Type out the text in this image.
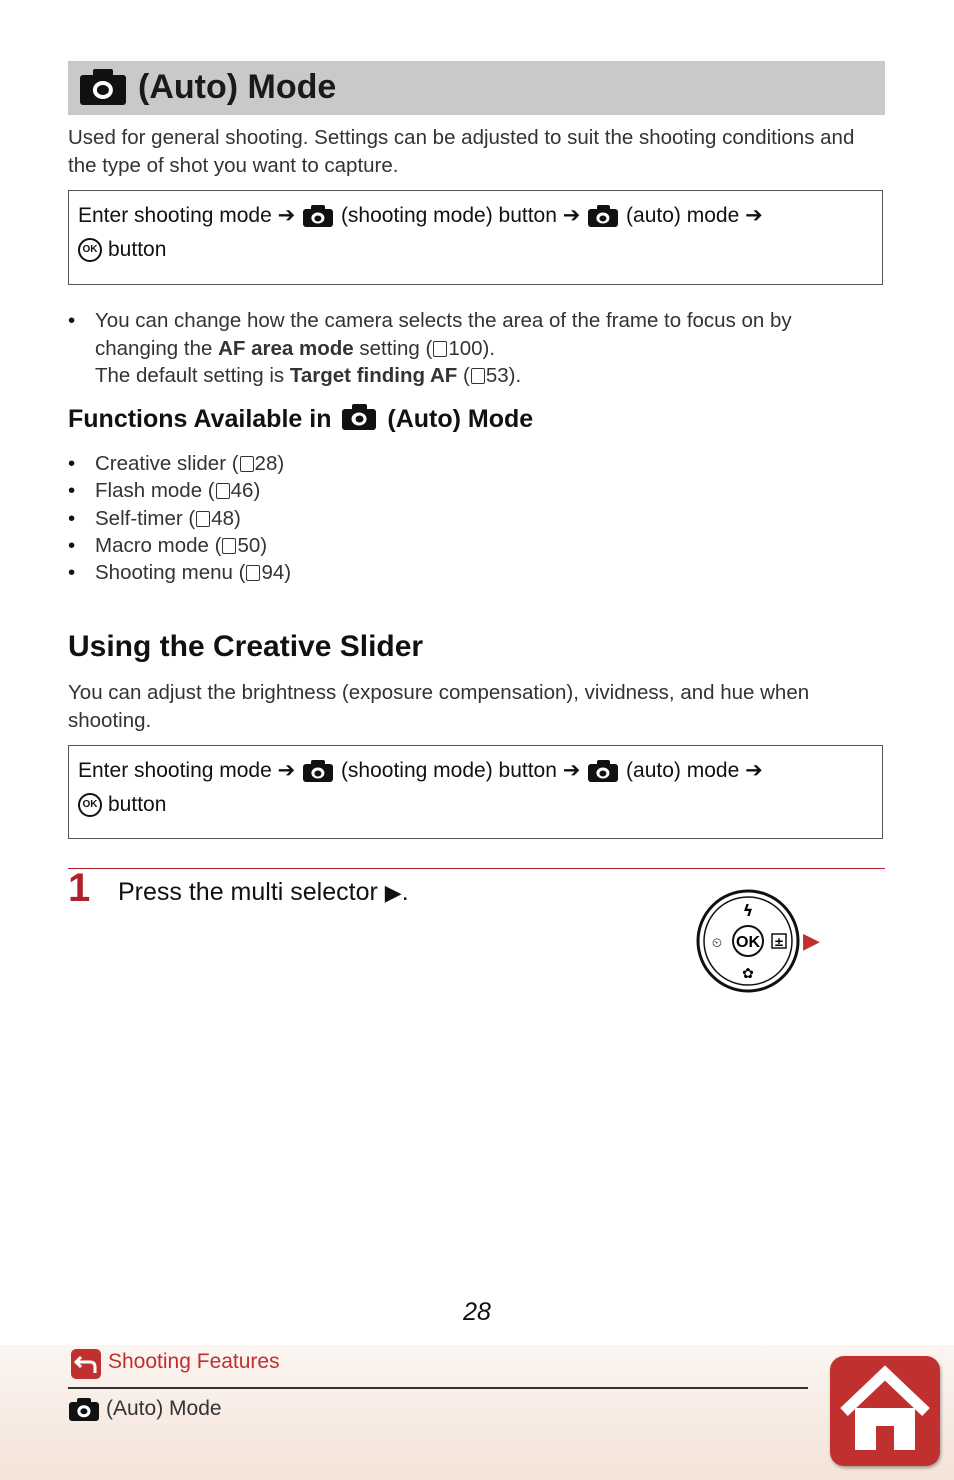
(Auto) Mode
Used for general shooting. Settings can be adjusted to suit the shooting conditions and the type of shot you want to capture.
Enter shooting mode ➔ (shooting mode) button ➔ (auto) mode ➔
OK button
• You can change how the camera selects the area of the frame to focus on by changing the AF area mode setting ( 100).
The default setting is Target finding AF ( 53).
Functions Available in (Auto) Mode
• Creative slider ( 28)
• Flash mode ( 46)
• Self-timer ( 48)
• Macro mode ( 50)
• Shooting menu ( 94)
Using the Creative Slider
You can adjust the brightness (exposure compensation), vividness, and hue when shooting.
Enter shooting mode ➔ (shooting mode) button ➔ (auto) mode ➔
OK button
1 Press the multi selector ▶.
OK
ϟ
⏲
✿
± ▶
28
Shooting Features
(Auto) Mode
